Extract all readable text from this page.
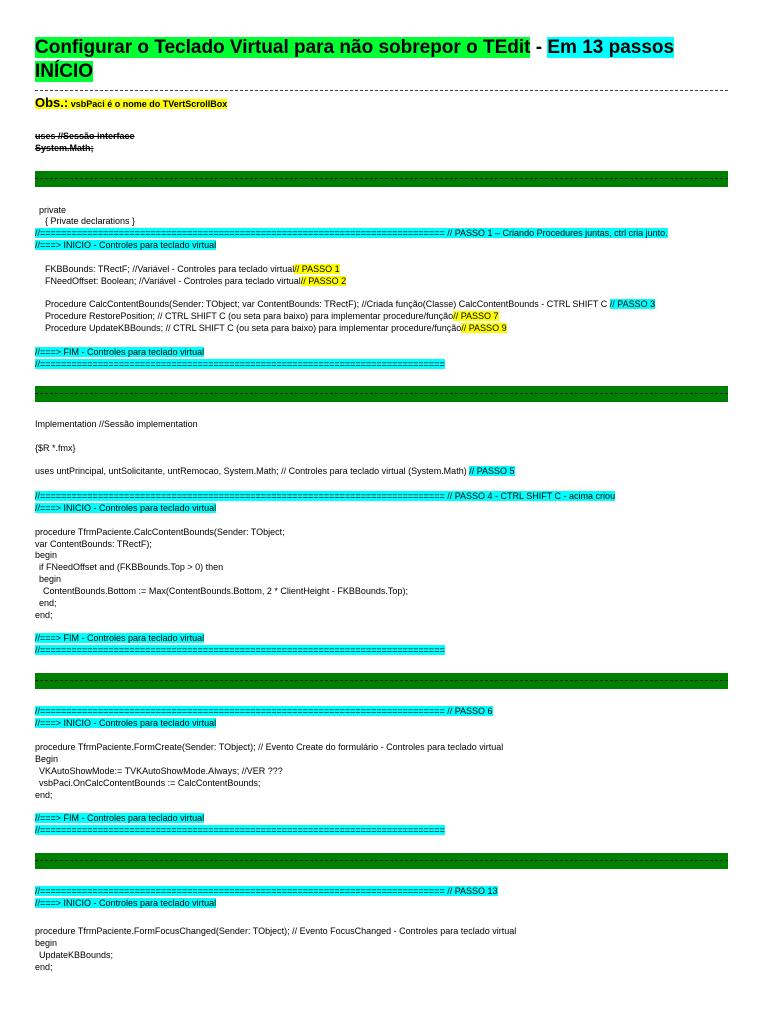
Configurar o Teclado Virtual para não sobrepor o TEdit - Em 13 passos
INÍCIO
Obs.: vsbPaci é o nome do TVertScrollBox
uses //Sessão interface
System.Math;
private
{ Private declarations }
//============================================================================= // PASSO 1 – Criando Procedures juntas, ctrl cria junto.
//===> INICIO - Controles para teclado virtual
FKBBounds: TRectF; //Variável - Controles para teclado virtual// PASSO 1
FNeedOffset: Boolean; //Variável - Controles para teclado virtual// PASSO 2
Procedure CalcContentBounds(Sender: TObject; var ContentBounds: TRectF); //Criada função(Classe) CalcContentBounds - CTRL SHIFT C // PASSO 3
Procedure RestorePosition; // CTRL SHIFT C (ou seta para baixo) para implementar procedure/função// PASSO 7
Procedure UpdateKBBounds; // CTRL SHIFT C (ou seta para baixo) para implementar procedure/função// PASSO 9
//===> FIM - Controles para teclado virtual
//=============================================================================
Implementation //Sessão implementation
{$R *.fmx}
uses untPrincipal, untSolicitante, untRemocao, System.Math; // Controles para teclado virtual (System.Math) // PASSO 5
//============================================================================= // PASSO 4 - CTRL SHIFT C - acima criou
//===> INICIO - Controles para teclado virtual
procedure TfrmPaciente.CalcContentBounds(Sender: TObject;
var ContentBounds: TRectF);
begin
if FNeedOffset and (FKBBounds.Top > 0) then
begin
ContentBounds.Bottom := Max(ContentBounds.Bottom, 2 * ClientHeight - FKBBounds.Top);
end;
end;
//===> FIM - Controles para teclado virtual
//=============================================================================
//============================================================================= // PASSO 6
//===> INICIO - Controles para teclado virtual
procedure TfrmPaciente.FormCreate(Sender: TObject); // Evento Create do formulário - Controles para teclado virtual
Begin
VKAutoShowMode:= TVKAutoShowMode.Always; //VER ???
vsbPaci.OnCalcContentBounds := CalcContentBounds;
end;
//===> FIM - Controles para teclado virtual
//=============================================================================
//============================================================================= // PASSO 13
//===> INICIO - Controles para teclado virtual
procedure TfrmPaciente.FormFocusChanged(Sender: TObject); // Evento FocusChanged - Controles para teclado virtual
begin
UpdateKBBounds;
end;
